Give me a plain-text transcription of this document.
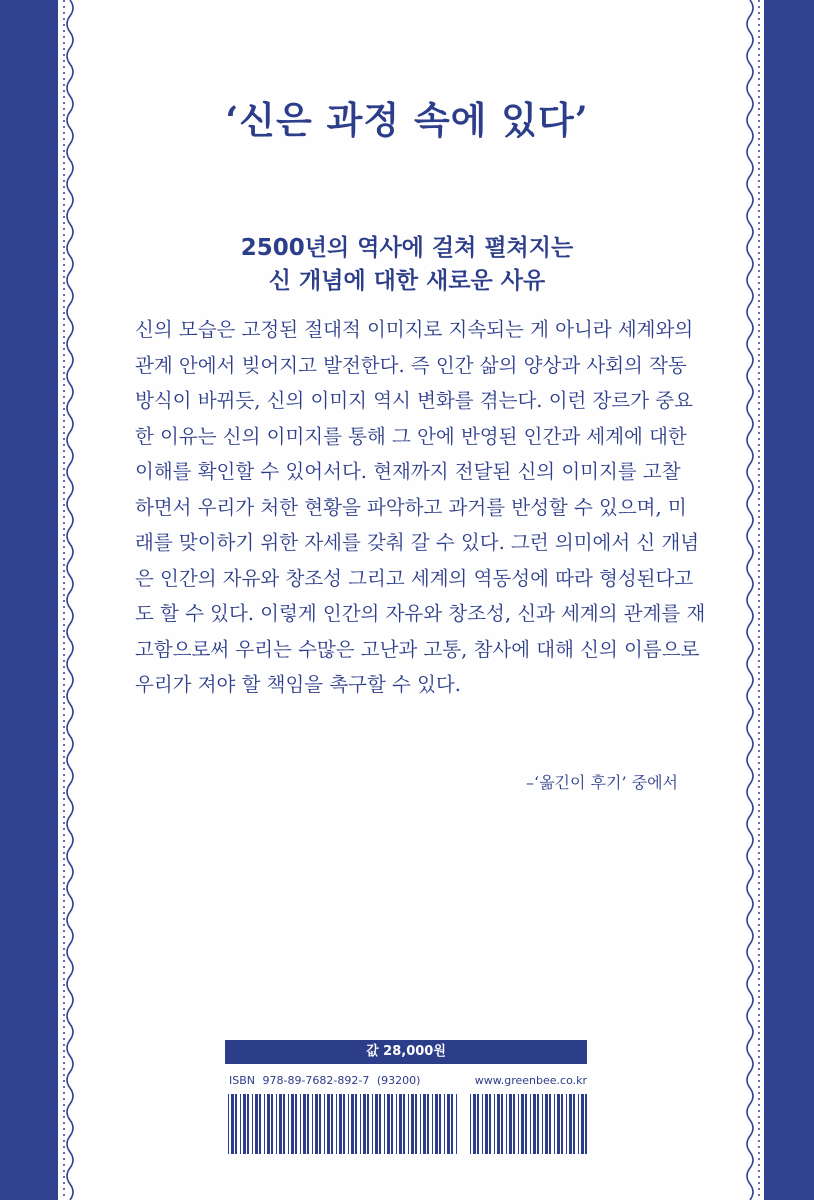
‘신은 과정 속에 있다’
2500년의 역사에 걸쳐 펼쳐지는
신 개념에 대한 새로운 사유
신의 모습은 고정된 절대적 이미지로 지속되는 게 아니라 세계와의
관계 안에서 빚어지고 발전한다. 즉 인간 삶의 양상과 사회의 작동
방식이 바뀌듯, 신의 이미지 역시 변화를 겪는다. 이런 장르가 중요
한 이유는 신의 이미지를 통해 그 안에 반영된 인간과 세계에 대한
이해를 확인할 수 있어서다. 현재까지 전달된 신의 이미지를 고찰
하면서 우리가 처한 현황을 파악하고 과거를 반성할 수 있으며, 미
래를 맞이하기 위한 자세를 갖춰 갈 수 있다. 그런 의미에서 신 개념
은 인간의 자유와 창조성 그리고 세계의 역동성에 따라 형성된다고
도 할 수 있다. 이렇게 인간의 자유와 창조성, 신과 세계의 관계를 재
고함으로써 우리는 수많은 고난과 고통, 참사에 대해 신의 이름으로
우리가 져야 할 책임을 촉구할 수 있다.
–‘옮긴이 후기’ 중에서
값 28,000원
ISBN 978-89-7682-892-7 (93200)	www.greenbee.co.kr
